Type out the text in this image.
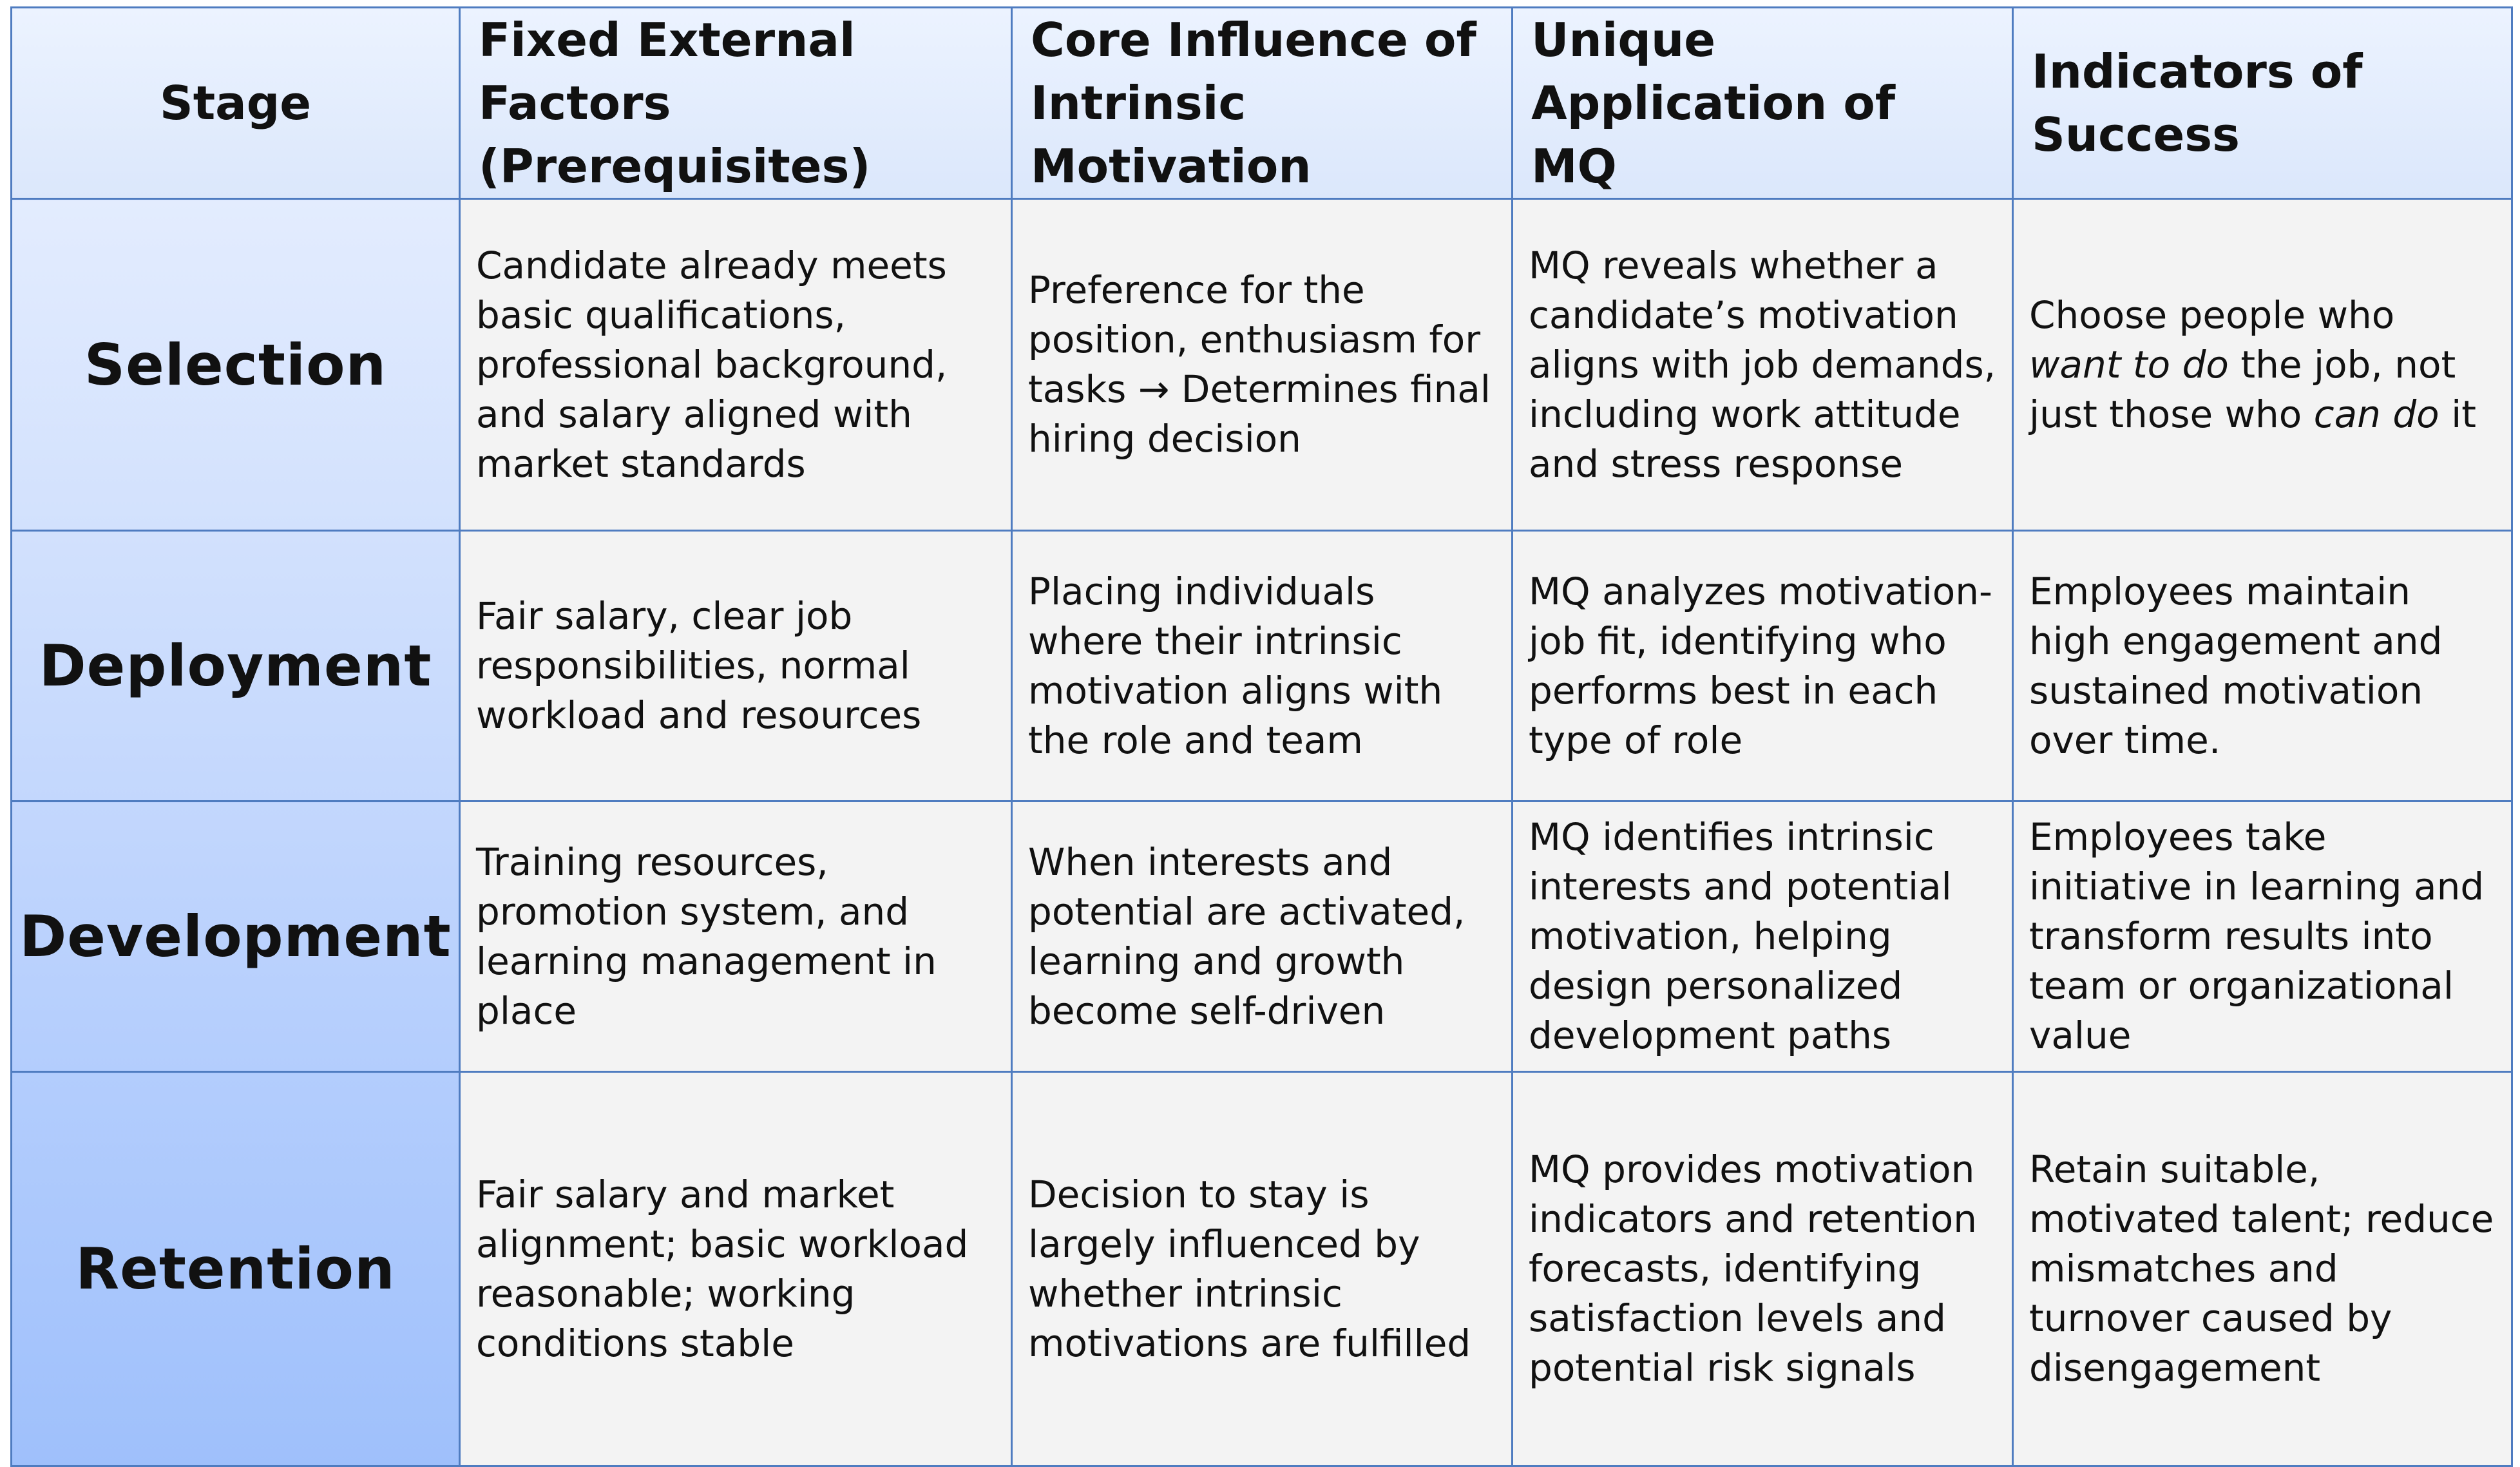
Stage	Fixed External Factors (Prerequisites)	Core Influence of Intrinsic Motivation	Unique Application of MQ	Indicators of Success
Selection	Candidate already meets basic qualifications, professional background, and salary aligned with market standards	Preference for the position, enthusiasm for tasks → Determines final hiring decision	MQ reveals whether a candidate’s motivation aligns with job demands, including work attitude and stress response	Choose people who want to do the job, not just those who can do it
Deployment	Fair salary, clear job responsibilities, normal workload and resources	Placing individuals where their intrinsic motivation aligns with the role and team	MQ analyzes motivation-job fit, identifying who performs best in each type of role	Employees maintain high engagement and sustained motivation over time.
Development	Training resources, promotion system, and learning management in place	When interests and potential are activated, learning and growth become self-driven	MQ identifies intrinsic interests and potential motivation, helping design personalized development paths	Employees take initiative in learning and transform results into team or organizational value
Retention	Fair salary and market alignment; basic workload reasonable; working conditions stable	Decision to stay is largely influenced by whether intrinsic motivations are fulfilled	MQ provides motivation indicators and retention forecasts, identifying satisfaction levels and potential risk signals	Retain suitable, motivated talent; reduce mismatches and turnover caused by disengagement
